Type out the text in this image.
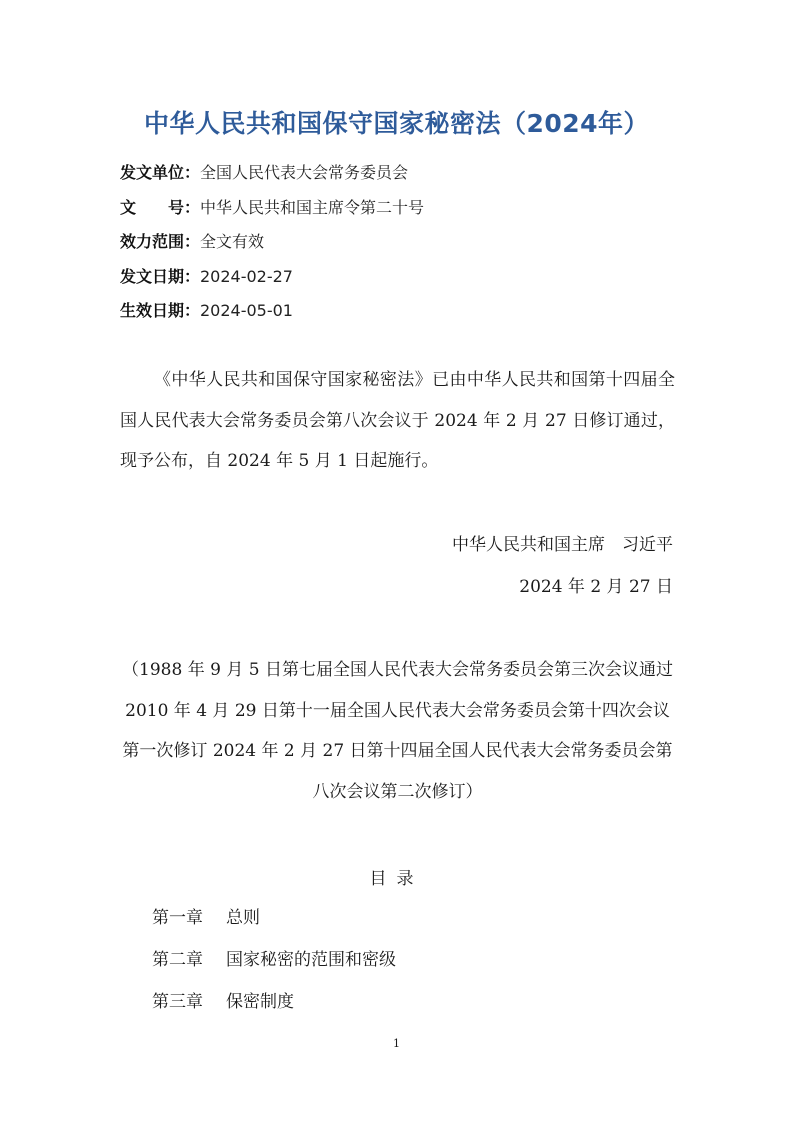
中华人民共和国保守国家秘密法（2024年）
发文单位：全国人民代表大会常务委员会
文　　号：中华人民共和国主席令第二十号
效力范围：全文有效
发文日期：2024-02-27
生效日期：2024-05-01

《中华人民共和国保守国家秘密法》已由中华人民共和国第十四届全国人民代表大会常务委员会第八次会议于 2024 年 2 月 27 日修订通过，现予公布，自 2024 年 5 月 1 日起施行。

中华人民共和国主席　习近平

2024 年 2 月 27 日

（1988 年 9 月 5 日第七届全国人民代表大会常务委员会第三次会议通过 2010 年 4 月 29 日第十一届全国人民代表大会常务委员会第十四次会议第一次修订 2024 年 2 月 27 日第十四届全国人民代表大会常务委员会第八次会议第二次修订）

目录

第一章 总则
第二章 国家秘密的范围和密级
第三章 保密制度
1
